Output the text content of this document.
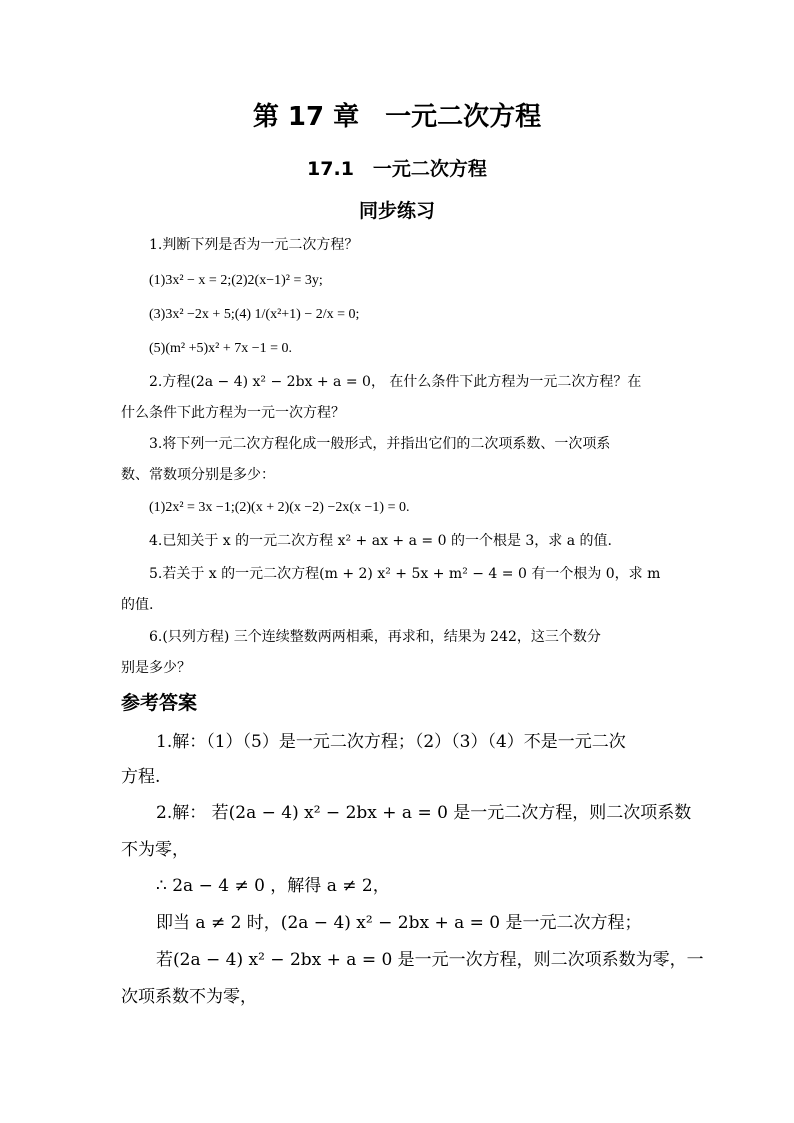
第 17 章　一元二次方程
17.1　一元二次方程
同步练习
1.判断下列是否为一元二次方程？
(1)3x² − x = 2;(2)2(x−1)² = 3y;
(3)3x² −2x + 5;(4) 1/(x²+1) − 2/x = 0;
(5)(m² +5)x² + 7x −1 = 0.
2.方程(2a − 4) x² − 2bx + a = 0， 在什么条件下此方程为一元二次方程？在
什么条件下此方程为一元一次方程？
3.将下列一元二次方程化成一般形式，并指出它们的二次项系数、一次项系
数、常数项分别是多少：
(1)2x² = 3x −1;(2)(x + 2)(x −2) −2x(x −1) = 0.
4.已知关于 x 的一元二次方程 x² + ax + a = 0 的一个根是 3，求 a 的值.
5.若关于 x 的一元二次方程(m + 2) x² + 5x + m² − 4 = 0 有一个根为 0，求 m
的值.
6.(只列方程) 三个连续整数两两相乘，再求和，结果为 242，这三个数分
别是多少？
参考答案
1.解：（1）（5）是一元二次方程；（2）（3）（4）不是一元二次
方程.
2.解： 若(2a − 4) x² − 2bx + a = 0 是一元二次方程，则二次项系数
不为零，
∴ 2a − 4 ≠ 0 ，解得 a ≠ 2，
即当 a ≠ 2 时，(2a − 4) x² − 2bx + a = 0 是一元二次方程；
若(2a − 4) x² − 2bx + a = 0 是一元一次方程，则二次项系数为零，一
次项系数不为零，
